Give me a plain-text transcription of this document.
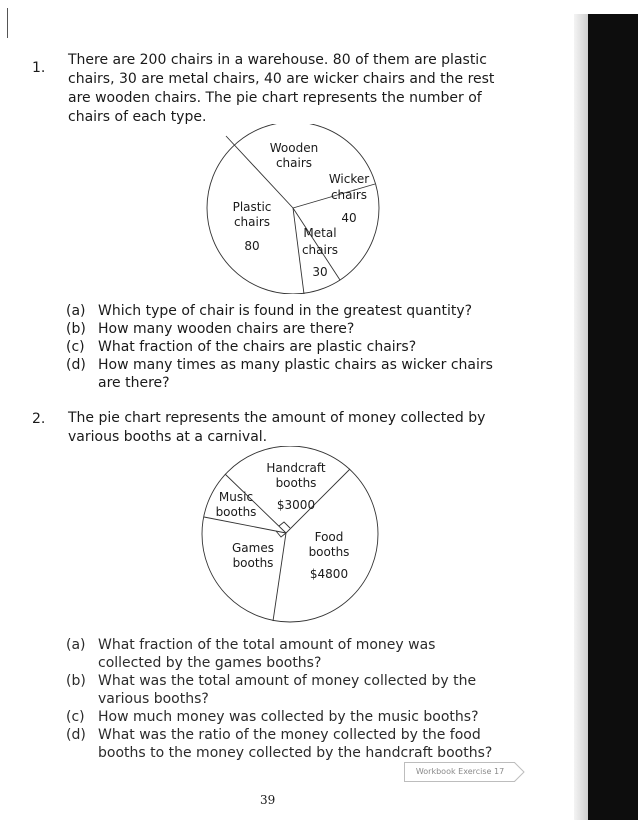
1. There are 200 chairs in a warehouse. 80 of them are plastic chairs, 30 are metal chairs, 40 are wicker chairs and the rest are wooden chairs. The pie chart represents the number of chairs of each type.
Wooden
chairs
Wicker
chairs
40
Plastic
chairs
80
Metal
chairs
30
(a) Which type of chair is found in the greatest quantity?
(b) How many wooden chairs are there?
(c) What fraction of the chairs are plastic chairs?
(d) How many times as many plastic chairs as wicker chairs are there?
2. The pie chart represents the amount of money collected by various booths at a carnival.
Handcraft
booths
$3000
Music
booths
Food
booths
$4800
Games
booths
(a) What fraction of the total amount of money was collected by the games booths?
(b) What was the total amount of money collected by the various booths?
(c) How much money was collected by the music booths?
(d) What was the ratio of the money collected by the food booths to the money collected by the handcraft booths?
Workbook Exercise 17
39
